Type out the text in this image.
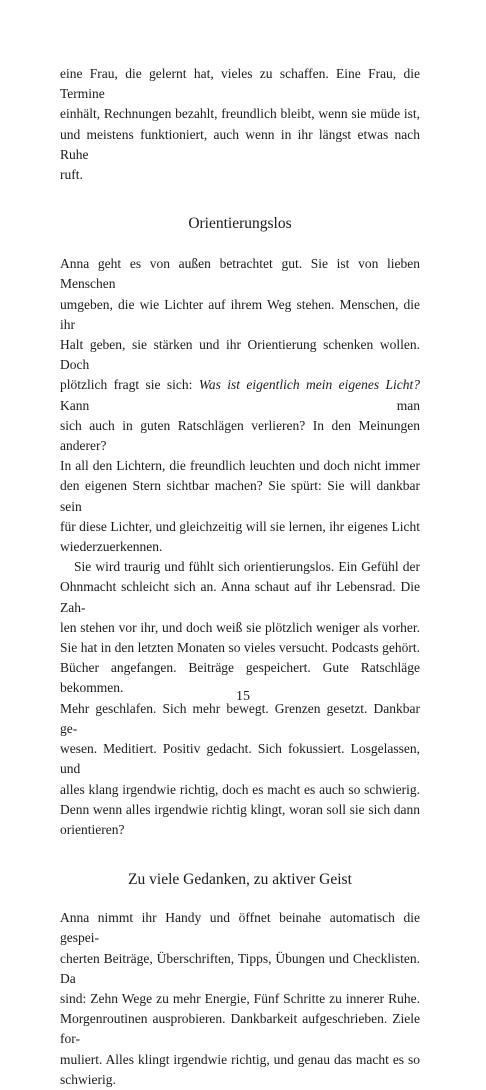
eine Frau, die gelernt hat, vieles zu schaffen. Eine Frau, die Termine
einhält, Rechnungen bezahlt, freundlich bleibt, wenn sie müde ist,
und meistens funktioniert, auch wenn in ihr längst etwas nach Ruhe
ruft.

Orientierungslos

Anna geht es von außen betrachtet gut. Sie ist von lieben Menschen
umgeben, die wie Lichter auf ihrem Weg stehen. Menschen, die ihr
Halt geben, sie stärken und ihr Orientierung schenken wollen. Doch
plötzlich fragt sie sich: Was ist eigentlich mein eigenes Licht? Kann man
sich auch in guten Ratschlägen verlieren? In den Meinungen anderer?
In all den Lichtern, die freundlich leuchten und doch nicht immer
den eigenen Stern sichtbar machen? Sie spürt: Sie will dankbar sein
für diese Lichter, und gleichzeitig will sie lernen, ihr eigenes Licht
wiederzuerkennen.

Sie wird traurig und fühlt sich orientierungslos. Ein Gefühl der
Ohnmacht schleicht sich an. Anna schaut auf ihr Lebensrad. Die Zah-
len stehen vor ihr, und doch weiß sie plötzlich weniger als vorher.
Sie hat in den letzten Monaten so vieles versucht. Podcasts gehört.
Bücher angefangen. Beiträge gespeichert. Gute Ratschläge bekommen.
Mehr geschlafen. Sich mehr bewegt. Grenzen gesetzt. Dankbar ge-
wesen. Meditiert. Positiv gedacht. Sich fokussiert. Losgelassen, und
alles klang irgendwie richtig, doch es macht es auch so schwierig.
Denn wenn alles irgendwie richtig klingt, woran soll sie sich dann
orientieren?

Zu viele Gedanken, zu aktiver Geist

Anna nimmt ihr Handy und öffnet beinahe automatisch die gespei-
cherten Beiträge, Überschriften, Tipps, Übungen und Checklisten. Da
sind: Zehn Wege zu mehr Energie, Fünf Schritte zu innerer Ruhe.
Morgenroutinen ausprobieren. Dankbarkeit aufgeschrieben. Ziele for-
muliert. Alles klingt irgendwie richtig, und genau das macht es so
schwierig.

15
